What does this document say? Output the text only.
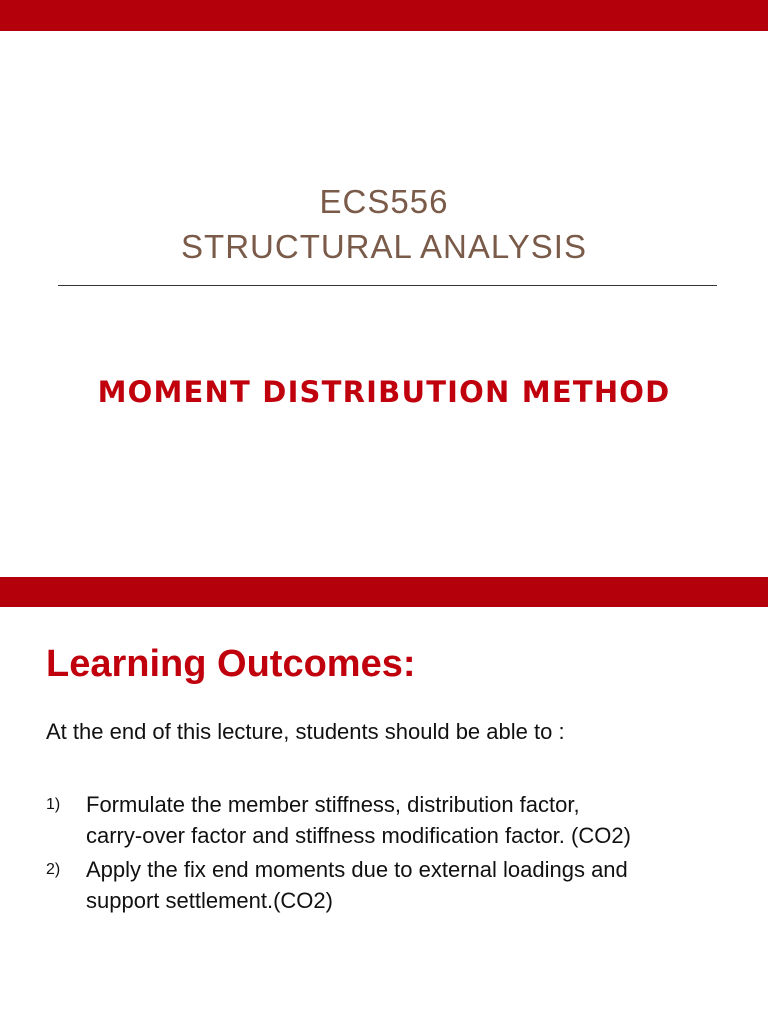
ECS556
STRUCTURAL ANALYSIS
MOMENT DISTRIBUTION METHOD
Learning Outcomes:
At the end of this lecture, students should be able to :
1)	Formulate the member stiffness, distribution factor,
carry-over factor and stiffness modification factor. (CO2)
2)	Apply the fix end moments due to external loadings and
support settlement.(CO2)
